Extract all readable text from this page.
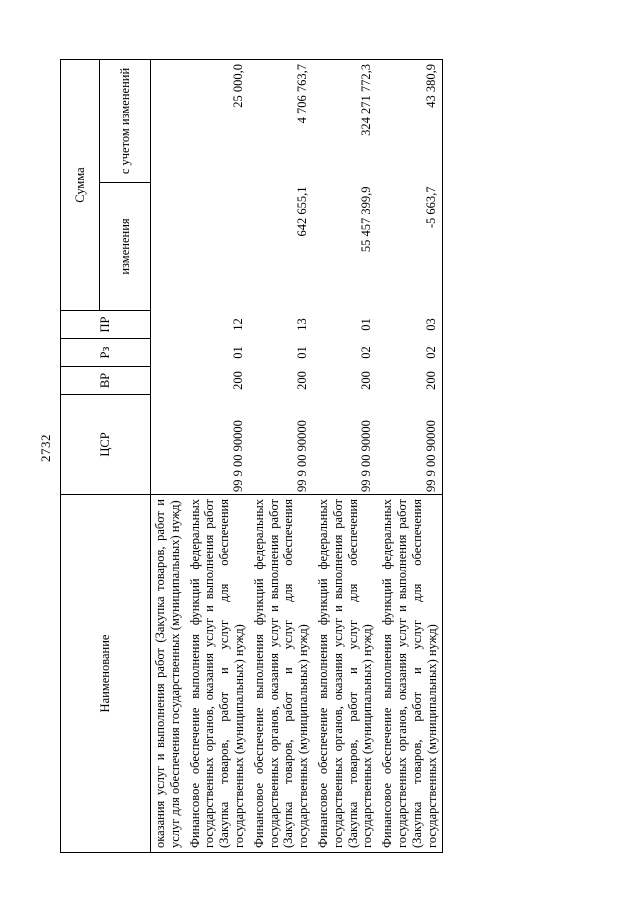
2732
Наименование	ЦСР	ВР	Рз	ПР	Сумма	
					изменения	с учетом изменений
оказания услуг и выполнения работ (Закупка товаров, работ и услуг для обеспечения государственных (муниципальных) нужд)						
Финансовое обеспечение выполнения функций федеральных государственных органов, оказания услуг и выполнения работ (Закупка товаров, работ и услуг для обеспечения государственных (муниципальных) нужд)	99 9 00 90000	200	01	12		25 000,0
Финансовое обеспечение выполнения функций федеральных государственных органов, оказания услуг и выполнения работ (Закупка товаров, работ и услуг для обеспечения государственных (муниципальных) нужд)	99 9 00 90000	200	01	13	642 655,1	4 706 763,7
Финансовое обеспечение выполнения функций федеральных государственных органов, оказания услуг и выполнения работ (Закупка товаров, работ и услуг для обеспечения государственных (муниципальных) нужд)	99 9 00 90000	200	02	01	55 457 399,9	324 271 772,3
Финансовое обеспечение выполнения функций федеральных государственных органов, оказания услуг и выполнения работ (Закупка товаров, работ и услуг для обеспечения государственных (муниципальных) нужд)	99 9 00 90000	200	02	03	-5 663,7	43 380,9
